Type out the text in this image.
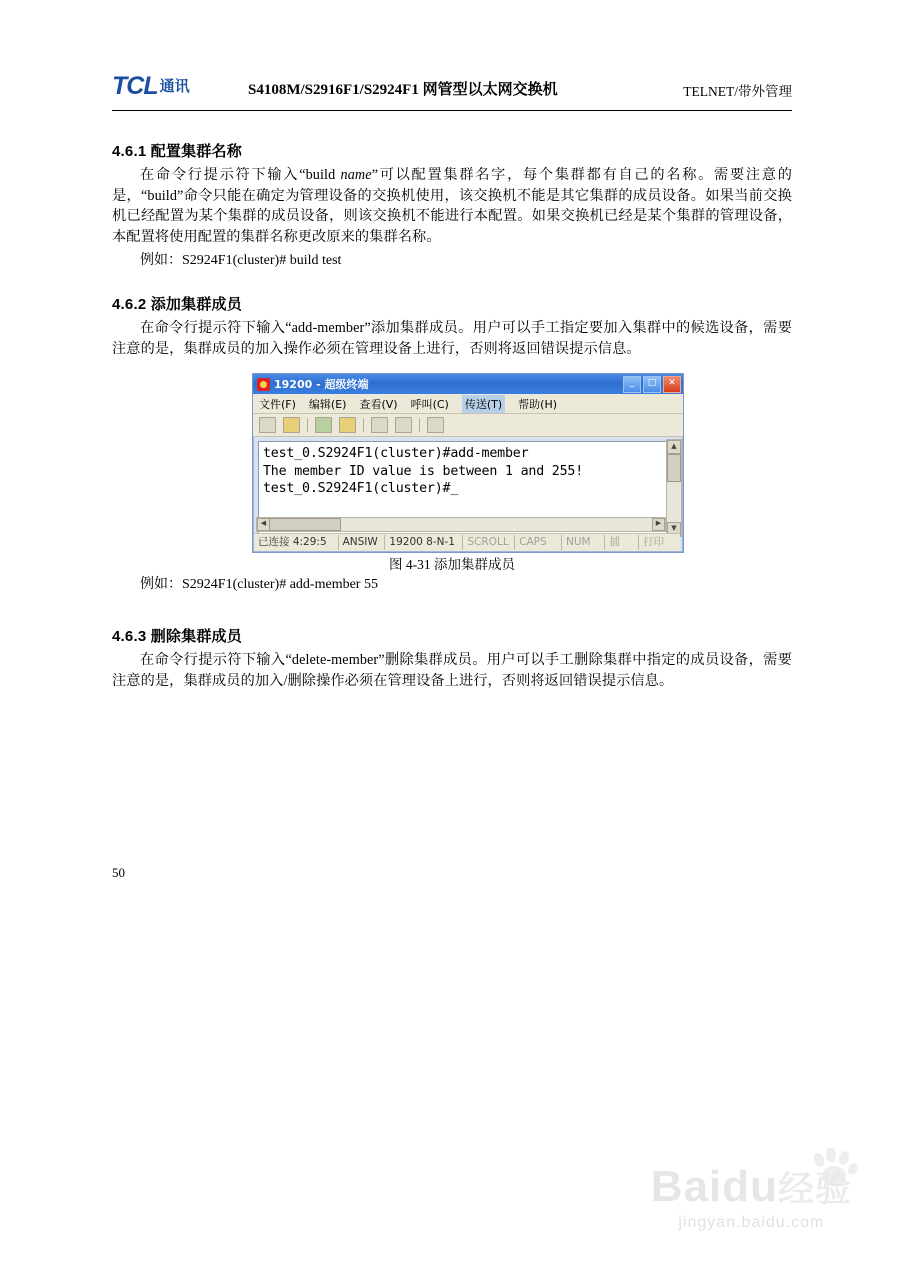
TCL 通讯	S4108M/S2916F1/S2924F1 网管型以太网交换机	TELNET/带外管理
4.6.1 配置集群名称

在命令行提示符下输入“build name”可以配置集群名字，每个集群都有自己的名称。需要注意的是，“build”命令只能在确定为管理设备的交换机使用，该交换机不能是其它集群的成员设备。如果当前交换机已经配置为某个集群的成员设备，则该交换机不能进行本配置。如果交换机已经是某个集群的管理设备，本配置将使用配置的集群名称更改原来的集群名称。

例如：S2924F1(cluster)# build test

4.6.2 添加集群成员

在命令行提示符下输入“add-member”添加集群成员。用户可以手工指定要加入集群中的候选设备，需要注意的是，集群成员的加入操作必须在管理设备上进行，否则将返回错误提示信息。

19200 - 超级终端	_	□	✕
文件(F) 编辑(E) 查看(V) 呼叫(C) 传送(T) 帮助(H)
test_0.S2924F1(cluster)#add-member
The member ID value is between 1 and 255!
test_0.S2924F1(cluster)#_
▲
▼
◀	▶
已连接 4:29:5	ANSIW	19200 8-N-1	SCROLL CAPS	NUM	捕	打印
图 4-31 添加集群成员

例如：S2924F1(cluster)# add-member 55

4.6.3 删除集群成员

在命令行提示符下输入“delete-member”删除集群成员。用户可以手工删除集群中指定的成员设备，需要注意的是，集群成员的加入/删除操作必须在管理设备上进行，否则将返回错误提示信息。

50
Baidu经验
jingyan.baidu.com
